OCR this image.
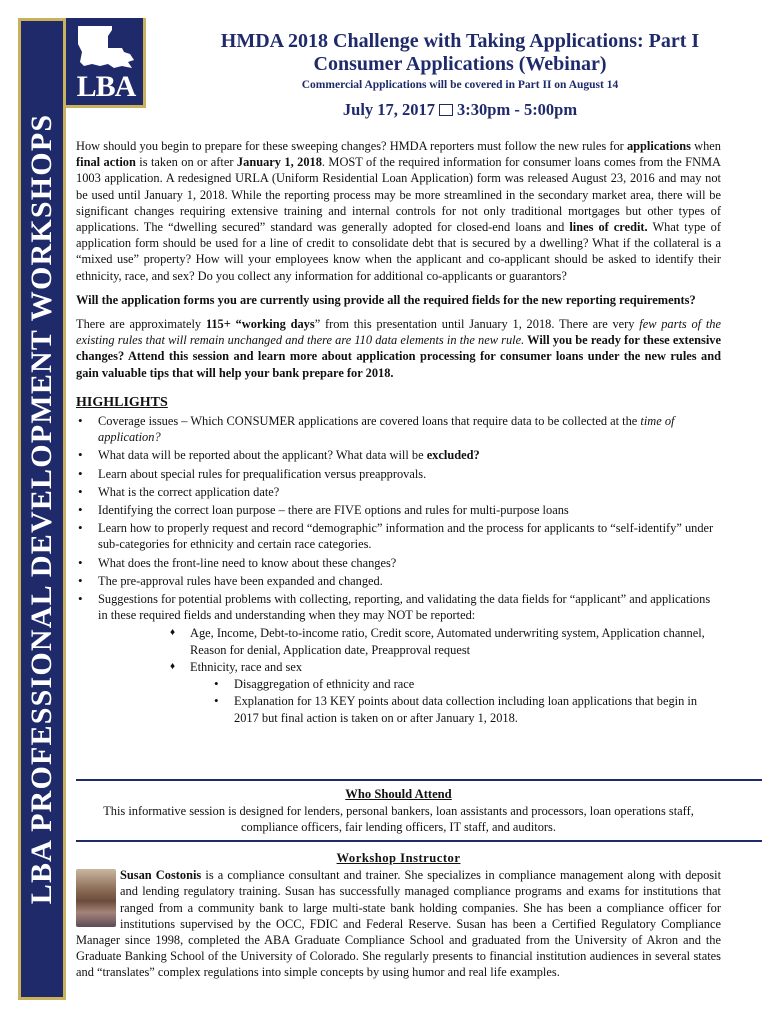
LBA PROFESSIONAL DEVELOPMENT WORKSHOPS
LBA
HMDA 2018 Challenge with Taking Applications: Part I
Consumer Applications (Webinar)
Commercial Applications will be covered in Part II on August 14
July 17, 2017 3:30pm - 5:00pm

How should you begin to prepare for these sweeping changes? HMDA reporters must follow the new rules for applications when final action is taken on or after January 1, 2018. MOST of the required information for consumer loans comes from the FNMA 1003 application. A redesigned URLA (Uniform Residential Loan Application) form was released August 23, 2016 and may not be used until January 1, 2018. While the reporting process may be more streamlined in the secondary market area, there will be significant changes requiring extensive training and internal controls for not only traditional mortgages but other types of applications. The “dwelling secured” standard was generally adopted for closed-end loans and lines of credit. What type of application form should be used for a line of credit to consolidate debt that is secured by a dwelling? What if the collateral is a “mixed use” property? How will your employees know when the applicant and co-applicant should be asked to identify their ethnicity, race, and sex? Do you collect any information for additional co-applicants or guarantors?

Will the application forms you are currently using provide all the required fields for the new reporting requirements?

There are approximately 115+ “working days” from this presentation until January 1, 2018. There are very few parts of the existing rules that will remain unchanged and there are 110 data elements in the new rule. Will you be ready for these extensive changes? Attend this session and learn more about application processing for consumer loans under the new rules and gain valuable tips that will help your bank prepare for 2018.

HIGHLIGHTS
• Coverage issues – Which CONSUMER applications are covered loans that require data to be collected at the time of application?
• What data will be reported about the applicant? What data will be excluded?
• Learn about special rules for prequalification versus preapprovals.
• What is the correct application date?
• Identifying the correct loan purpose – there are FIVE options and rules for multi-purpose loans
• Learn how to properly request and record “demographic” information and the process for applicants to “self-identify” under sub-categories for ethnicity and certain race categories.
• What does the front-line need to know about these changes?
• The pre-approval rules have been expanded and changed.
• Suggestions for potential problems with collecting, reporting, and validating the data fields for “applicant” and applications in these required fields and understanding when they may NOT be reported:
♦ Age, Income, Debt-to-income ratio, Credit score, Automated underwriting system, Application channel, Reason for denial, Application date, Preapproval request
♦ Ethnicity, race and sex
• Disaggregation of ethnicity and race
• Explanation for 13 KEY points about data collection including loan applications that begin in 2017 but final action is taken on or after January 1, 2018.
Who Should Attend
This informative session is designed for lenders, personal bankers, loan assistants and processors, loan operations staff, compliance officers, fair lending officers, IT staff, and auditors.
Workshop Instructor
Susan Costonis is a compliance consultant and trainer. She specializes in compliance management along with deposit and lending regulatory training. Susan has successfully managed compliance programs and exams for institutions that ranged from a community bank to large multi-state bank holding companies. She has been a compliance officer for institutions supervised by the OCC, FDIC and Federal Reserve. Susan has been a Certified Regulatory Compliance Manager since 1998, completed the ABA Graduate Compliance School and graduated from the University of Akron and the Graduate Banking School of the University of Colorado. She regularly presents to financial institution audiences in several states and “translates” complex regulations into simple concepts by using humor and real life examples.
